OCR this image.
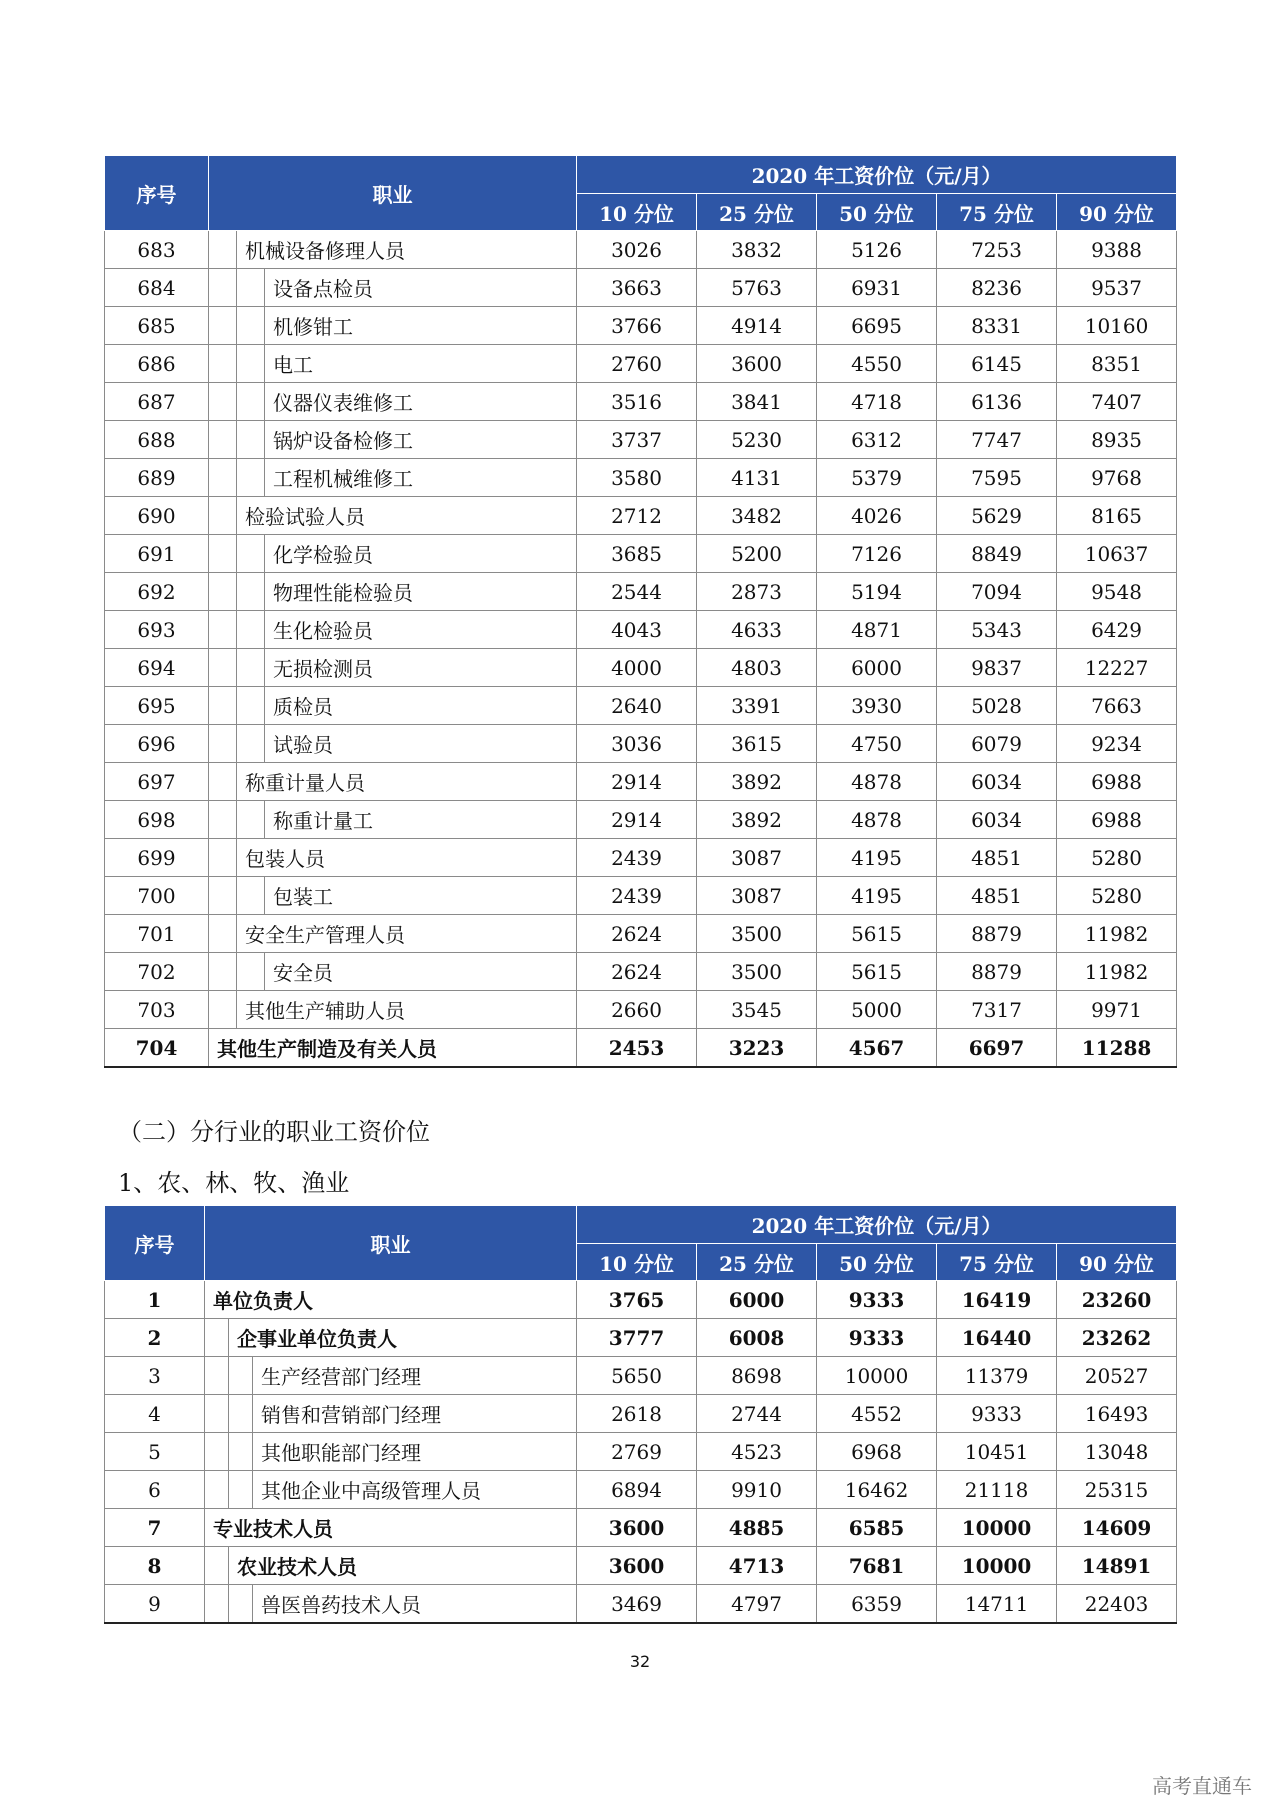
序号	职业			2020 年工资价位（元/月）				
				10 分位	25 分位	50 分位	75 分位	90 分位
683		机械设备修理人员		3026	3832	5126	7253	9388
684			设备点检员	3663	5763	6931	8236	9537
685			机修钳工	3766	4914	6695	8331	10160
686			电工	2760	3600	4550	6145	8351
687			仪器仪表维修工	3516	3841	4718	6136	7407
688			锅炉设备检修工	3737	5230	6312	7747	8935
689			工程机械维修工	3580	4131	5379	7595	9768
690		检验试验人员		2712	3482	4026	5629	8165
691			化学检验员	3685	5200	7126	8849	10637
692			物理性能检验员	2544	2873	5194	7094	9548
693			生化检验员	4043	4633	4871	5343	6429
694			无损检测员	4000	4803	6000	9837	12227
695			质检员	2640	3391	3930	5028	7663
696			试验员	3036	3615	4750	6079	9234
697		称重计量人员		2914	3892	4878	6034	6988
698			称重计量工	2914	3892	4878	6034	6988
699		包装人员		2439	3087	4195	4851	5280
700			包装工	2439	3087	4195	4851	5280
701		安全生产管理人员		2624	3500	5615	8879	11982
702			安全员	2624	3500	5615	8879	11982
703		其他生产辅助人员		2660	3545	5000	7317	9971
704	其他生产制造及有关人员			2453	3223	4567	6697	11288
（二）分行业的职业工资价位
1、农、林、牧、渔业
序号	职业			2020 年工资价位（元/月）				
				10 分位	25 分位	50 分位	75 分位	90 分位
1	单位负责人			3765	6000	9333	16419	23260
2		企事业单位负责人		3777	6008	9333	16440	23262
3			生产经营部门经理	5650	8698	10000	11379	20527
4			销售和营销部门经理	2618	2744	4552	9333	16493
5			其他职能部门经理	2769	4523	6968	10451	13048
6			其他企业中高级管理人员	6894	9910	16462	21118	25315
7	专业技术人员			3600	4885	6585	10000	14609
8		农业技术人员		3600	4713	7681	10000	14891
9			兽医兽药技术人员	3469	4797	6359	14711	22403
32
高考直通车
